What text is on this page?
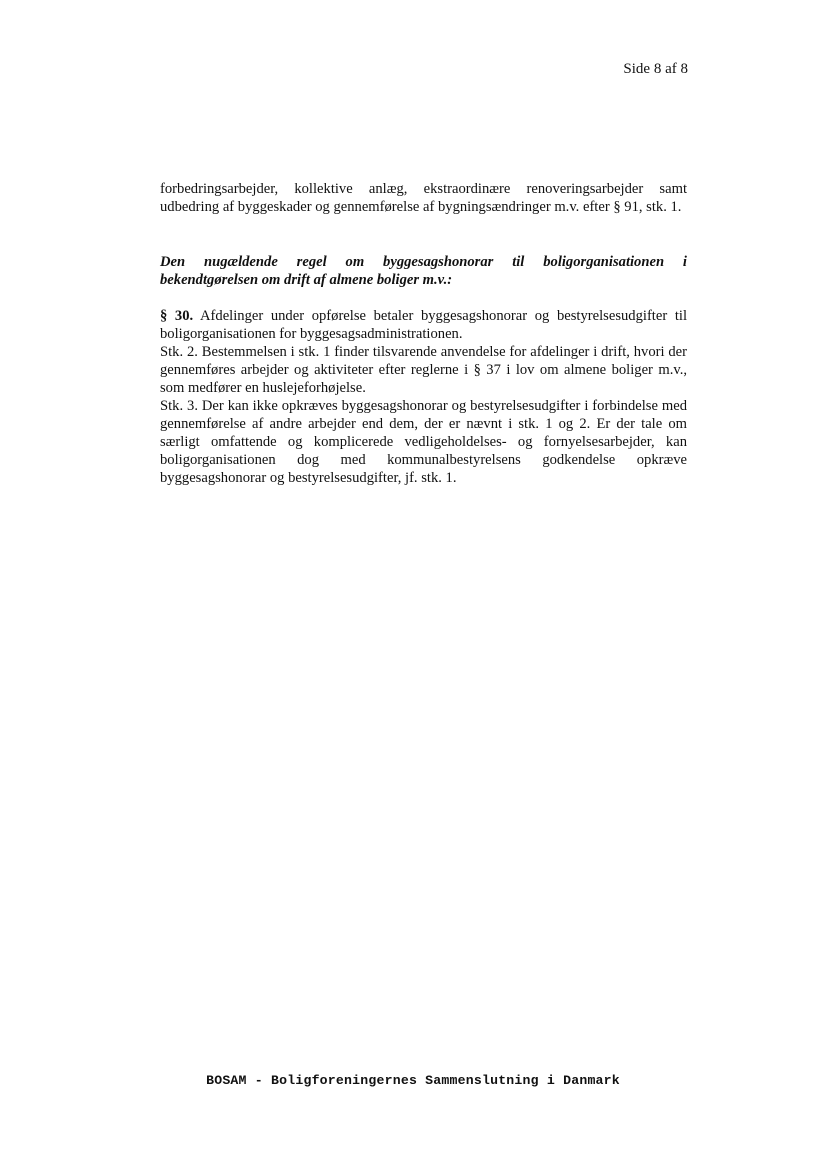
Side 8 af 8

forbedringsarbejder, kollektive anlæg, ekstraordinære renoveringsarbejder samt udbedring af byggeskader og gennemførelse af bygningsændringer m.v. efter § 91, stk. 1.

Den nugældende regel om byggesagshonorar til boligorganisationen i
bekendtgørelsen om drift af almene boliger m.v.:

§ 30. Afdelinger under opførelse betaler byggesagshonorar og bestyrelsesudgifter til boligorganisationen for byggesagsadministrationen.

Stk. 2. Bestemmelsen i stk. 1 finder tilsvarende anvendelse for afdelinger i drift, hvori der gennemføres arbejder og aktiviteter efter reglerne i § 37 i lov om almene boliger m.v., som medfører en huslejeforhøjelse.

Stk. 3. Der kan ikke opkræves byggesagshonorar og bestyrelsesudgifter i forbindelse med gennemførelse af andre arbejder end dem, der er nævnt i stk. 1 og 2. Er der tale om særligt omfattende og komplicerede vedligeholdelses- og fornyelsesarbejder, kan boligorganisationen dog med kommunalbestyrelsens godkendelse opkræve byggesagshonorar og bestyrelsesudgifter, jf. stk. 1.

BOSAM - Boligforeningernes Sammenslutning i Danmark
